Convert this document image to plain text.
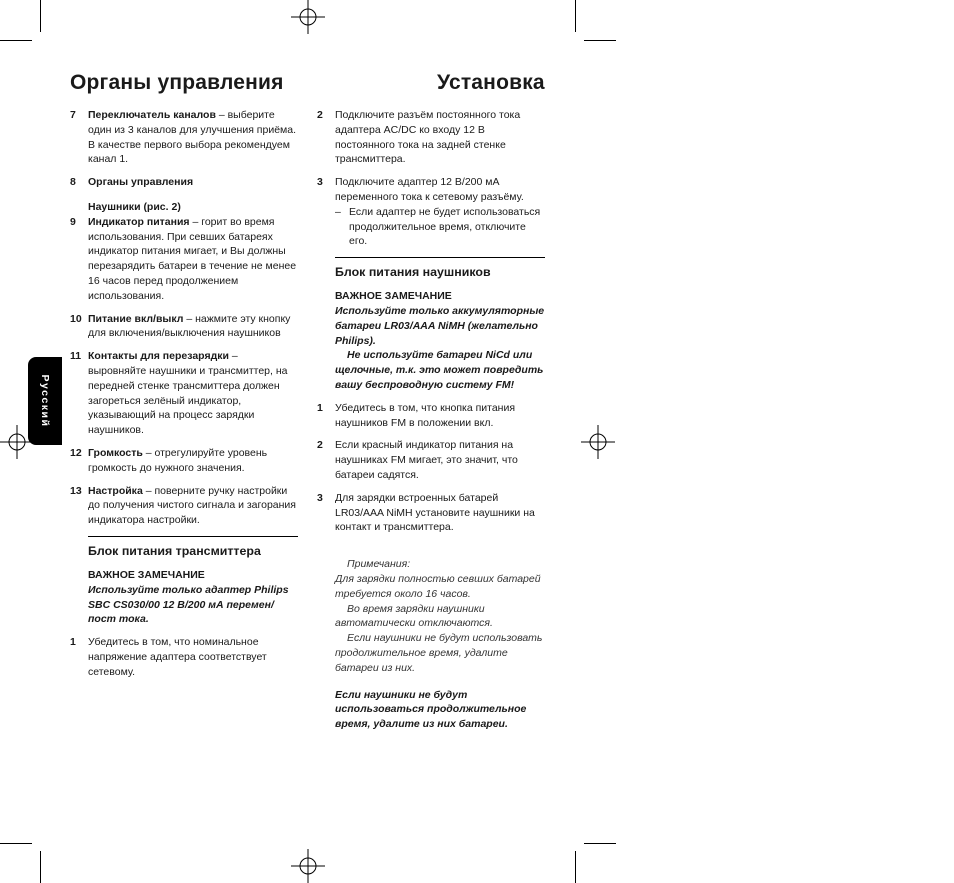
Органы управления	Установка
Русский
7 Переключатель каналов – выберите один из 3 каналов для улучшения приёма. В качестве первого выбора рекомендуем канал 1.
8 Органы управления
Наушники (рис. 2)
9 Индикатор питания – горит во время использования. При севших батареях индикатор питания мигает, и Вы должны перезарядить батареи в течение не менее 16 часов перед продолжением использования.
10 Питание вкл/выкл – нажмите эту кнопку для включения/выключения наушников
11 Контакты для перезарядки – выровняйте наушники и трансмиттер, на передней стенке трансмиттера должен загореться зелёный индикатор, указывающий на процесс зарядки наушников.
12 Громкость – отрегулируйте уровень громкость до нужного значения.
13 Настройка – поверните ручку настройки до получения чистого сигнала и загорания индикатора настройки.
Блок питания трансмиттера
ВАЖНОЕ ЗАМЕЧАНИЕ
Используйте только адаптер Philips SBC CS030/00 12 В/200 мА перемен/пост тока.
1 Убедитесь в том, что номинальное напряжение адаптера соответствует сетевому.
2 Подключите разъём постоянного тока адаптера AC/DC ко входу 12 В постоянного тока на задней стенке трансмиттера.
3 Подключите адаптер 12 В/200 мА переменного тока к сетевому разъёму.
– Если адаптер не будет использоваться продолжительное время, отключите его.
Блок питания наушников
ВАЖНОЕ ЗАМЕЧАНИЕ
Используйте только аккумуляторные батареи LR03/AAA NiMH (желательно Philips).
Не используйте батареи NiCd или щелочные, т.к. это может повредить вашу беспроводную систему FM!
1 Убедитесь в том, что кнопка питания наушников FM в положении вкл.
2 Если красный индикатор питания на наушниках FM мигает, это значит, что батареи садятся.
3 Для зарядки встроенных батарей LR03/AAA NiMH установите наушники на контакт и трансмиттера.
Примечания:
Для зарядки полностью севших батарей требуется около 16 часов.
Во время зарядки наушники автоматически отключаются.
Если наушники не будут использовать продолжительное время, удалите батареи из них.
Если наушники не будут использоваться продолжительное время, удалите из них батареи.
